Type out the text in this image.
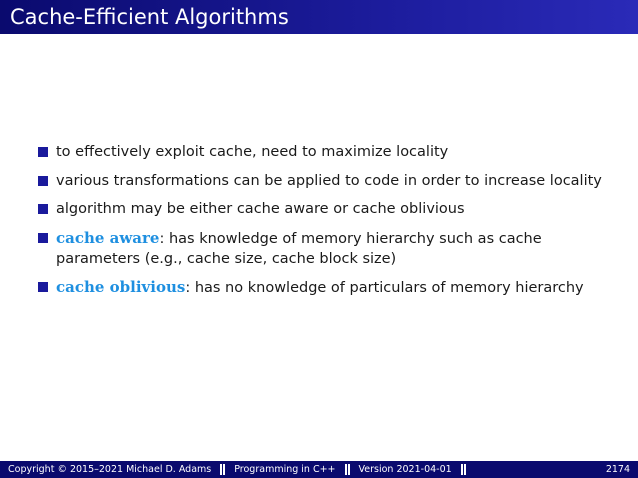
Cache-Efficient Algorithms
to effectively exploit cache, need to maximize locality
various transformations can be applied to code in order to increase locality
algorithm may be either cache aware or cache oblivious
cache aware: has knowledge of memory hierarchy such as cache parameters (e.g., cache size, cache block size)
cache oblivious: has no knowledge of particulars of memory hierarchy
Copyright © 2015–2021 Michael D. Adams Programming in C++ Version 2021-04-01	2174
